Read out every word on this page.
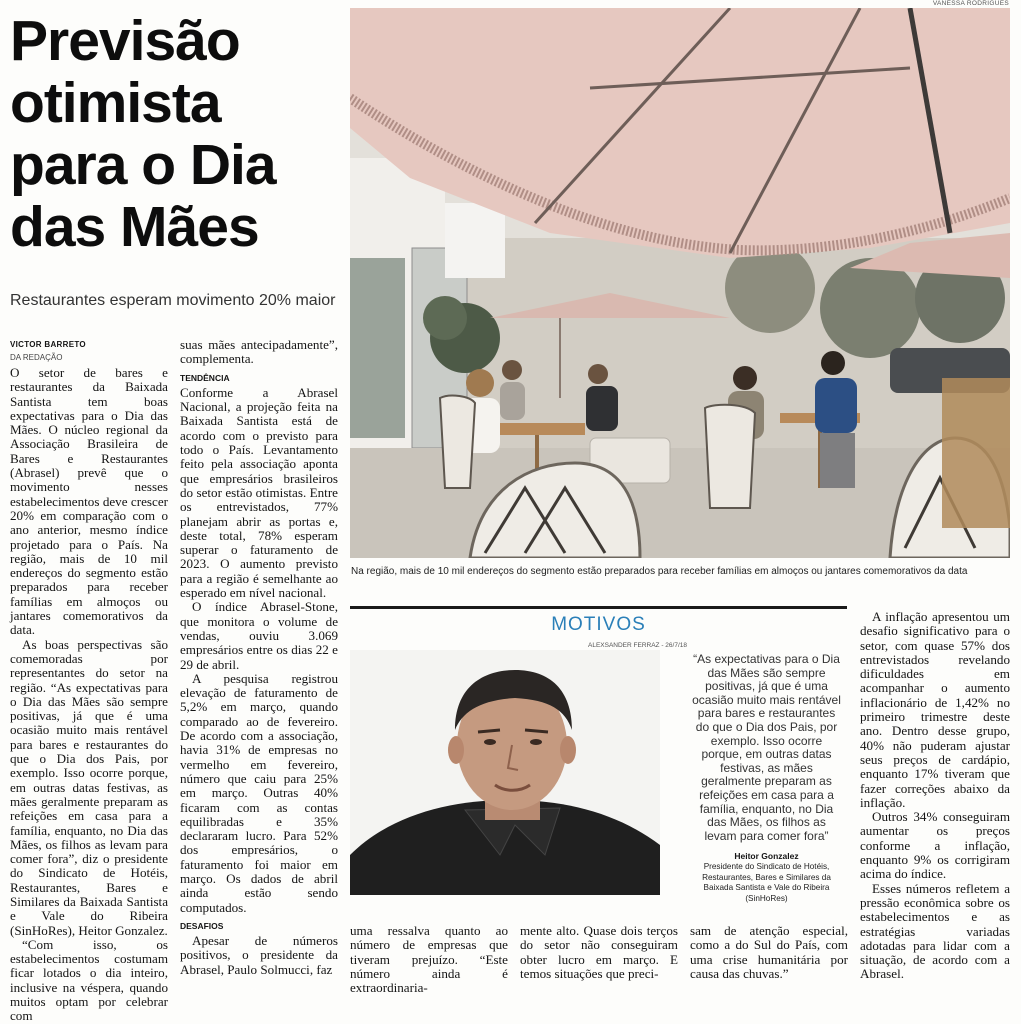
VANESSA RODRIGUES
Previsão otimista para o Dia das Mães
Restaurantes esperam movimento 20% maior
VICTOR BARRETO
DA REDAÇÃO

O setor de bares e restaurantes da Baixada Santista tem boas expectativas para o Dia das Mães. O núcleo regional da Associação Brasileira de Bares e Restaurantes (Abrasel) prevê que o movimento nesses estabelecimentos deve crescer 20% em comparação com o ano anterior, mesmo índice projetado para o País. Na região, mais de 10 mil endereços do segmento estão preparados para receber famílias em almoços ou jantares comemorativos da data.

As boas perspectivas são comemoradas por representantes do setor na região. “As expectativas para o Dia das Mães são sempre positivas, já que é uma ocasião muito mais rentável para bares e restaurantes do que o Dia dos Pais, por exemplo. Isso ocorre porque, em outras datas festivas, as mães geralmente preparam as refeições em casa para a família, enquanto, no Dia das Mães, os filhos as levam para comer fora”, diz o presidente do Sindicato de Hotéis, Restaurantes, Bares e Similares da Baixada Santista e Vale do Ribeira (SinHoRes), Heitor Gonzalez.

“Com isso, os estabelecimentos costumam ficar lotados o dia inteiro, inclusive na véspera, quando muitos optam por celebrar com

suas mães antecipadamente”, complementa.

TENDÊNCIA

Conforme a Abrasel Nacional, a projeção feita na Baixada Santista está de acordo com o previsto para todo o País. Levantamento feito pela associação aponta que empresários brasileiros do setor estão otimistas. Entre os entrevistados, 77% planejam abrir as portas e, deste total, 78% esperam superar o faturamento de 2023. O aumento previsto para a região é semelhante ao esperado em nível nacional.

O índice Abrasel-Stone, que monitora o volume de vendas, ouviu 3.069 empresários entre os dias 22 e 29 de abril.

A pesquisa registrou elevação de faturamento de 5,2% em março, quando comparado ao de fevereiro. De acordo com a associação, havia 31% de empresas no vermelho em fevereiro, número que caiu para 25% em março. Outras 40% ficaram com as contas equilibradas e 35% declararam lucro. Para 52% dos empresários, o faturamento foi maior em março. Os dados de abril ainda estão sendo computados.

DESAFIOS

Apesar de números positivos, o presidente da Abrasel, Paulo Solmucci, faz

Na região, mais de 10 mil endereços do segmento estão preparados para receber famílias em almoços ou jantares comemorativos da data
MOTIVOS
ALEXSANDER FERRAZ - 26/7/18

“As expectativas para o Dia das Mães são sempre positivas, já que é uma ocasião muito mais rentável para bares e restaurantes do que o Dia dos Pais, por exemplo. Isso ocorre porque, em outras datas festivas, as mães geralmente preparam as refeições em casa para a família, enquanto, no Dia das Mães, os filhos as levam para comer fora”

Heitor Gonzalez
Presidente do Sindicato de Hotéis, Restaurantes, Bares e Similares da Baixada Santista e Vale do Ribeira (SinHoRes)

uma ressalva quanto ao número de empresas que tiveram prejuízo. “Este número ainda é extraordinaria-

mente alto. Quase dois terços do setor não conseguiram obter lucro em março. E temos situações que preci-

sam de atenção especial, como a do Sul do País, com uma crise humanitária por causa das chuvas.”

A inflação apresentou um desafio significativo para o setor, com quase 57% dos entrevistados revelando dificuldades em acompanhar o aumento inflacionário de 1,42% no primeiro trimestre deste ano. Dentro desse grupo, 40% não puderam ajustar seus preços de cardápio, enquanto 17% tiveram que fazer correções abaixo da inflação.

Outros 34% conseguiram aumentar os preços conforme a inflação, enquanto 9% os corrigiram acima do índice.

Esses números refletem a pressão econômica sobre os estabelecimentos e as estratégias variadas adotadas para lidar com a situação, de acordo com a Abrasel.
